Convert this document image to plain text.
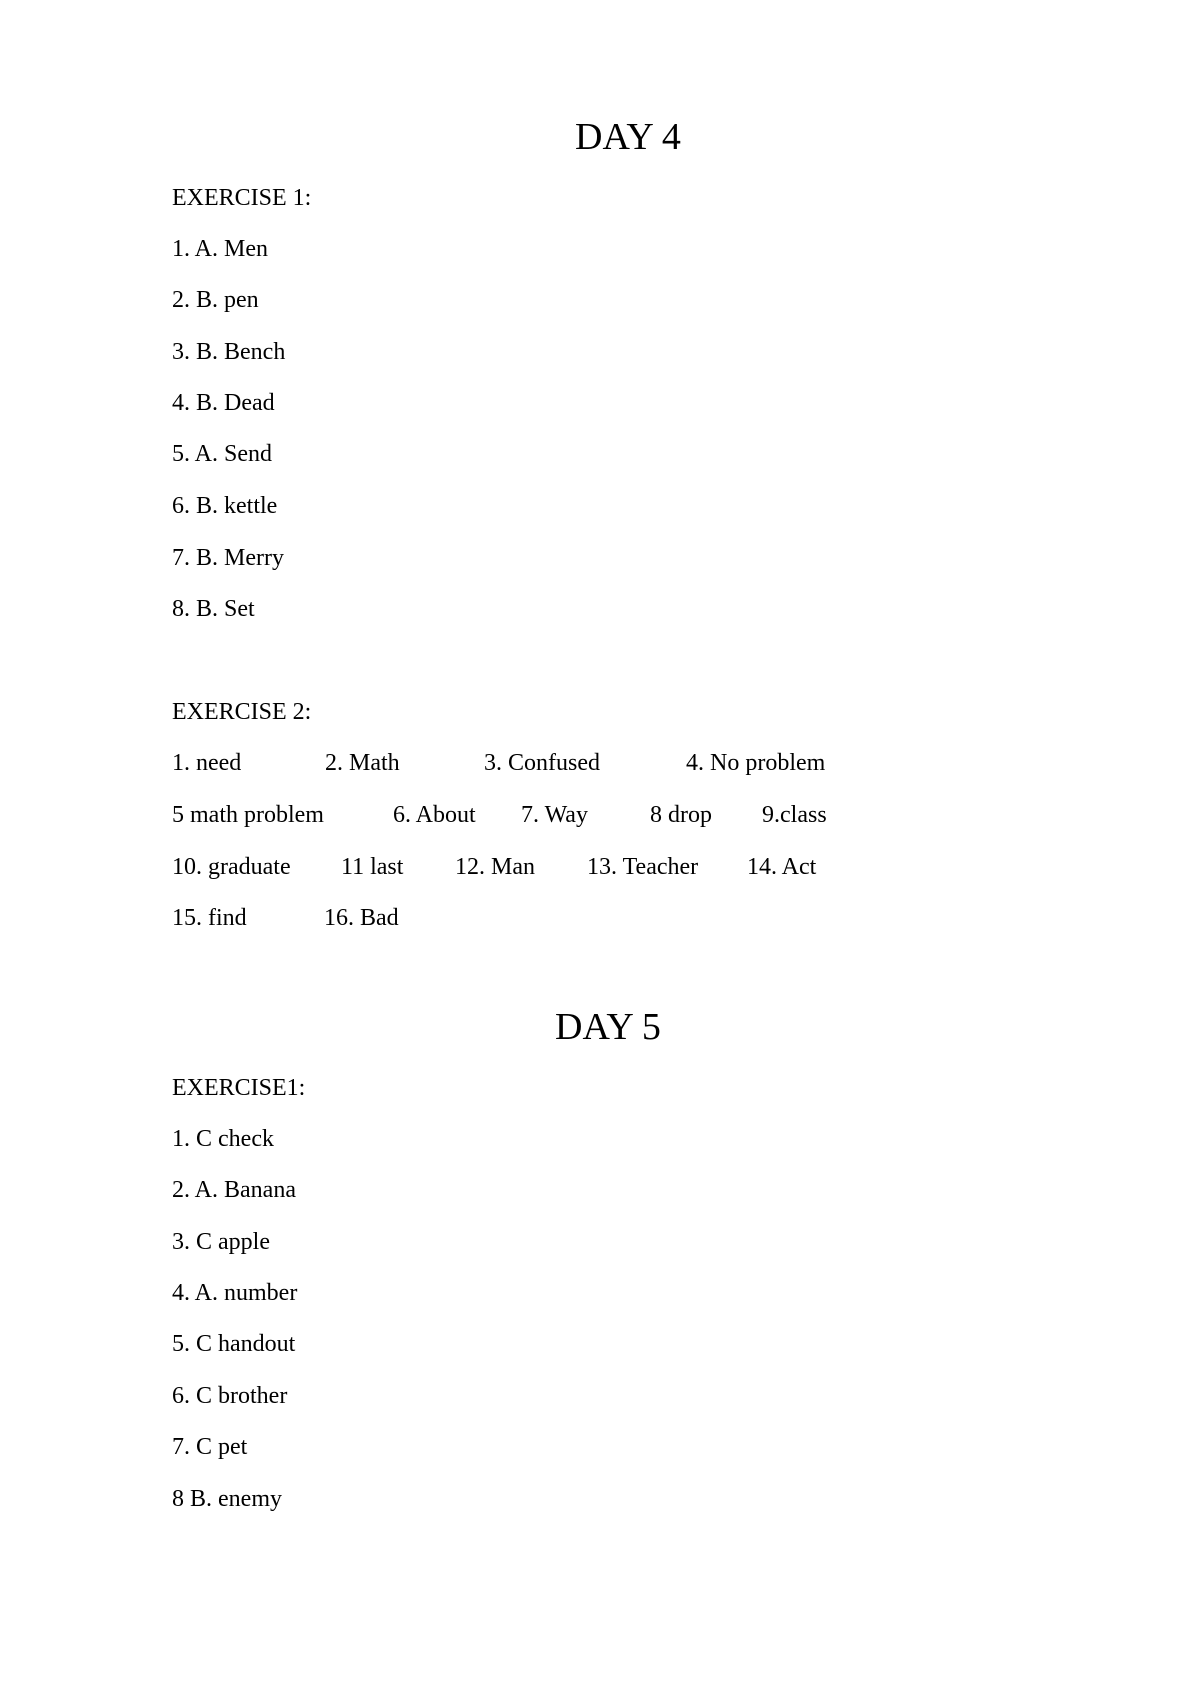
DAY 4
EXERCISE 1:
1. A. Men
2. B. pen
3. B. Bench
4. B. Dead
5. A. Send
6. B. kettle
7. B. Merry
8. B. Set
EXERCISE 2:
1. need	2. Math	3. Confused	4. No problem
5 math problem	6. About 7. Way	8 drop 9.class
10. graduate 11 last 12. Man 13. Teacher 14. Act
15. find	16. Bad
DAY 5
EXERCISE1:
1. C check
2. A. Banana
3. C apple
4. A. number
5. C handout
6. C brother
7. C pet
8 B. enemy
